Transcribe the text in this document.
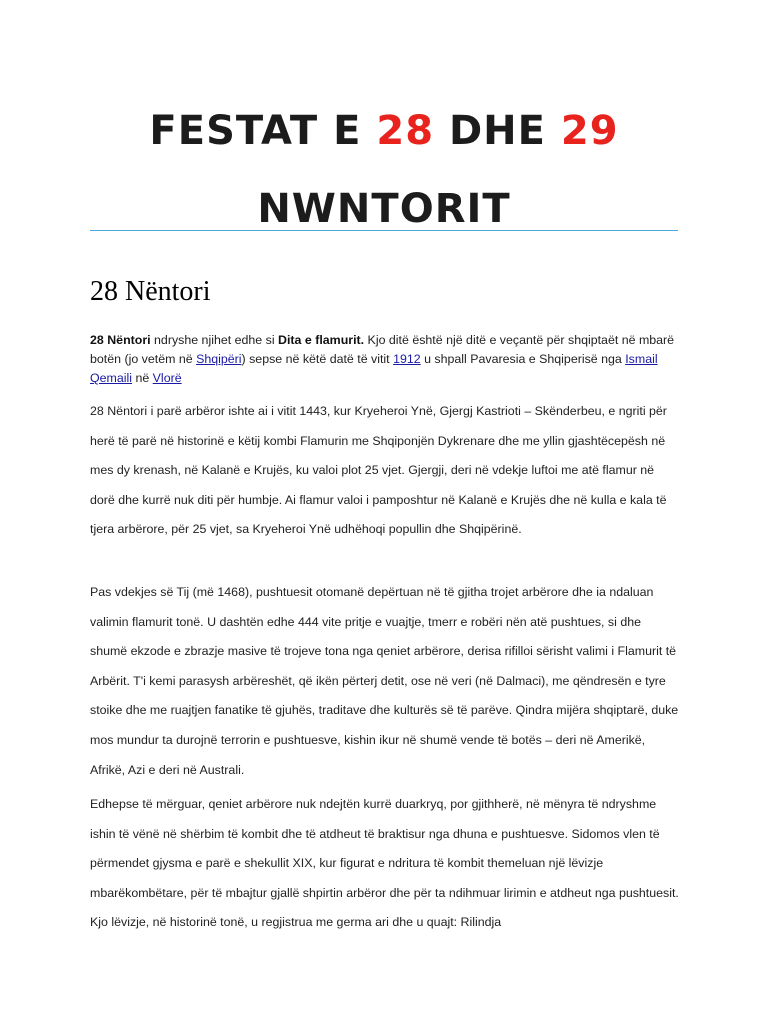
FESTAT E 28 DHE 29
NWNTORIT
28 Nëntori

28 Nëntori ndryshe njihet edhe si Dita e flamurit. Kjo ditë është një ditë e veçantë për shqiptaët në mbarë botën (jo vetëm në Shqipëri) sepse në këtë datë të vitit 1912 u shpall Pavaresia e Shqiperisë nga Ismail Qemaili në Vlorë

28 Nëntori i parë arbëror ishte ai i vitit 1443, kur Kryeheroi Ynë, Gjergj Kastrioti – Skënderbeu, e ngriti për herë të parë në historinë e këtij kombi Flamurin me Shqiponjën Dykrenare dhe me yllin gjashtëcepësh në mes dy krenash, në Kalanë e Krujës, ku valoi plot 25 vjet. Gjergji, deri në vdekje luftoi me atë flamur në dorë dhe kurrë nuk diti për humbje. Ai flamur valoi i pamposhtur në Kalanë e Krujës dhe në kulla e kala të tjera arbërore, për 25 vjet, sa Kryeheroi Ynë udhëhoqi popullin dhe Shqipërinë.

Pas vdekjes së Tij (më 1468), pushtuesit otomanë depërtuan në të gjitha trojet arbërore dhe ia ndaluan valimin flamurit tonë. U dashtën edhe 444 vite pritje e vuajtje, tmerr e robëri nën atë pushtues, si dhe shumë ekzode e zbrazje masive të trojeve tona nga qeniet arbërore, derisa rifilloi sërisht valimi i Flamurit të Arbërit. T'i kemi parasysh arbëreshët, që ikën përterj detit, ose në veri (në Dalmaci), me qëndresën e tyre stoike dhe me ruajtjen fanatike të gjuhës, traditave dhe kulturës së të parëve. Qindra mijëra shqiptarë, duke mos mundur ta durojnë terrorin e pushtuesve, kishin ikur në shumë vende të botës – deri në Amerikë, Afrikë, Azi e deri në Australi.

Edhepse të mërguar, qeniet arbërore nuk ndejtën kurrë duarkryq, por gjithherë, në mënyra të ndryshme ishin të vënë në shërbim të kombit dhe të atdheut të braktisur nga dhuna e pushtuesve. Sidomos vlen të përmendet gjysma e parë e shekullit XIX, kur figurat e ndritura të kombit themeluan një lëvizje mbarëkombëtare, për të mbajtur gjallë shpirtin arbëror dhe për ta ndihmuar lirimin e atdheut nga pushtuesit. Kjo lëvizje, në historinë tonë, u regjistrua me germa ari dhe u quajt: Rilindja
